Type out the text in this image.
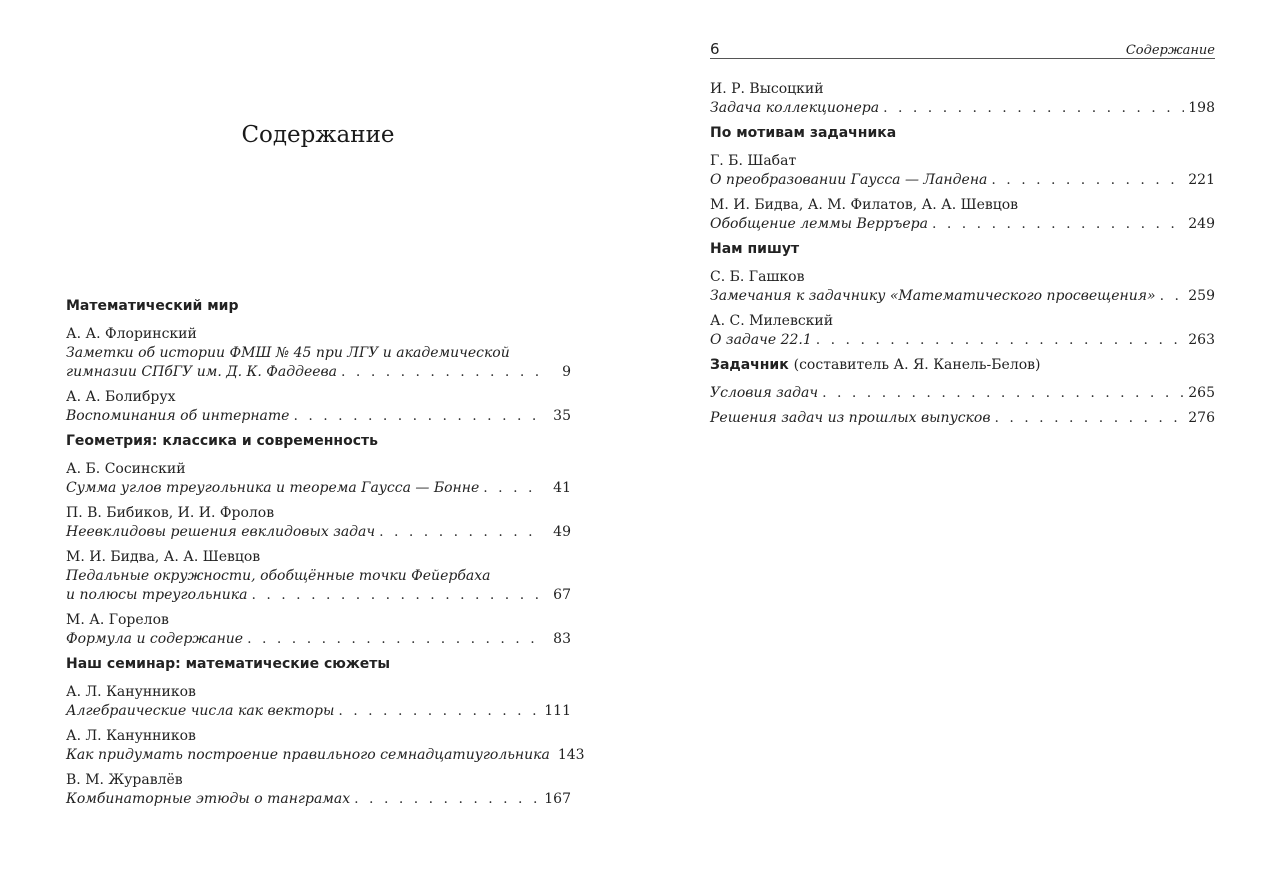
Содержание
Математический мир
А. А. Флоринский
Заметки об истории ФМШ № 45 при ЛГУ и академической
гимназии СПбГУ им. Д. К. Фаддеева . . .	9
А. А. Болибрух
Воспоминания об интернате . . .	35
Геометрия: классика и современность
А. Б. Сосинский
Сумма углов треугольника и теорема Гаусса — Бонне . . .	41
П. В. Бибиков, И. И. Фролов
Неевклидовы решения евклидовых задач . . .	49
М. И. Бидва, А. А. Шевцов
Педальные окружности, обобщённые точки Фейербаха
и полюсы треугольника . . .	67
М. А. Горелов
Формула и содержание . . .	83
Наш семинар: математические сюжеты
А. Л. Канунников
Алгебраические числа как векторы . . .	111
А. Л. Канунников
Как придумать построение правильного семнадцатиугольника 143
В. М. Журавлёв
Комбинаторные этюды о танграмах . . .	167
6	Содержание
И. Р. Высоцкий
Задача коллекционера . . .	198
По мотивам задачника
Г. Б. Шабат
О преобразовании Гаусса — Ландена . . .	221
М. И. Бидва, А. М. Филатов, А. А. Шевцов
Обобщение леммы Верръера . . .	249
Нам пишут
С. Б. Гашков
Замечания к задачнику «Математического просвещения» . . . 259
А. С. Милевский
О задаче 22.1 . . .	263
Задачник (составитель А. Я. Канель-Белов)
Условия задач . . .	265
Решения задач из прошлых выпусков . . .	276
